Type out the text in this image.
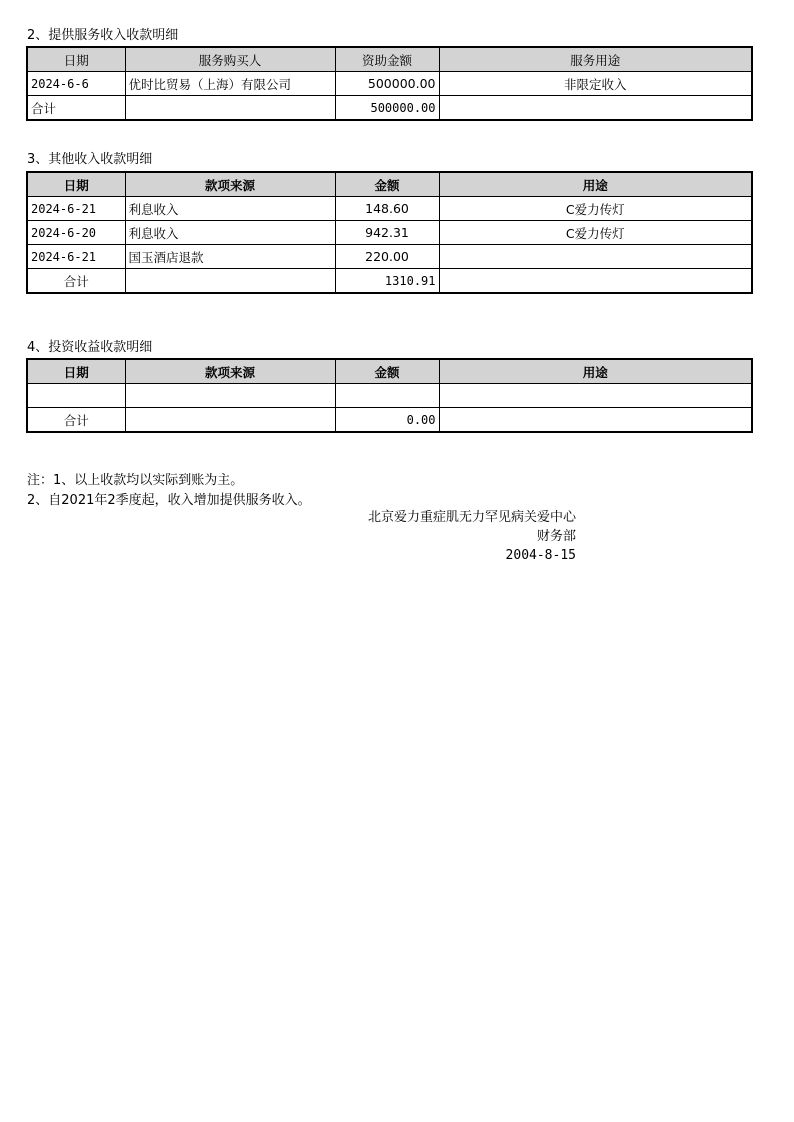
2、提供服务收入收款明细
日期	服务购买人	资助金额	服务用途
2024-6-6	优时比贸易（上海）有限公司	500000.00	非限定收入
合计		500000.00	
3、其他收入收款明细
日期	款项来源	金额	用途
2024-6-21	利息收入	148.60	C爱力传灯
2024-6-20	利息收入	942.31	C爱力传灯
2024-6-21	国玉酒店退款	220.00	
合计		1310.91	
4、投资收益收款明细
日期	款项来源	金额	用途

合计		0.00	
注：1、以上收款均以实际到账为主。
2、自2021年2季度起，收入增加提供服务收入。
北京爱力重症肌无力罕见病关爱中心
财务部
2004-8-15
